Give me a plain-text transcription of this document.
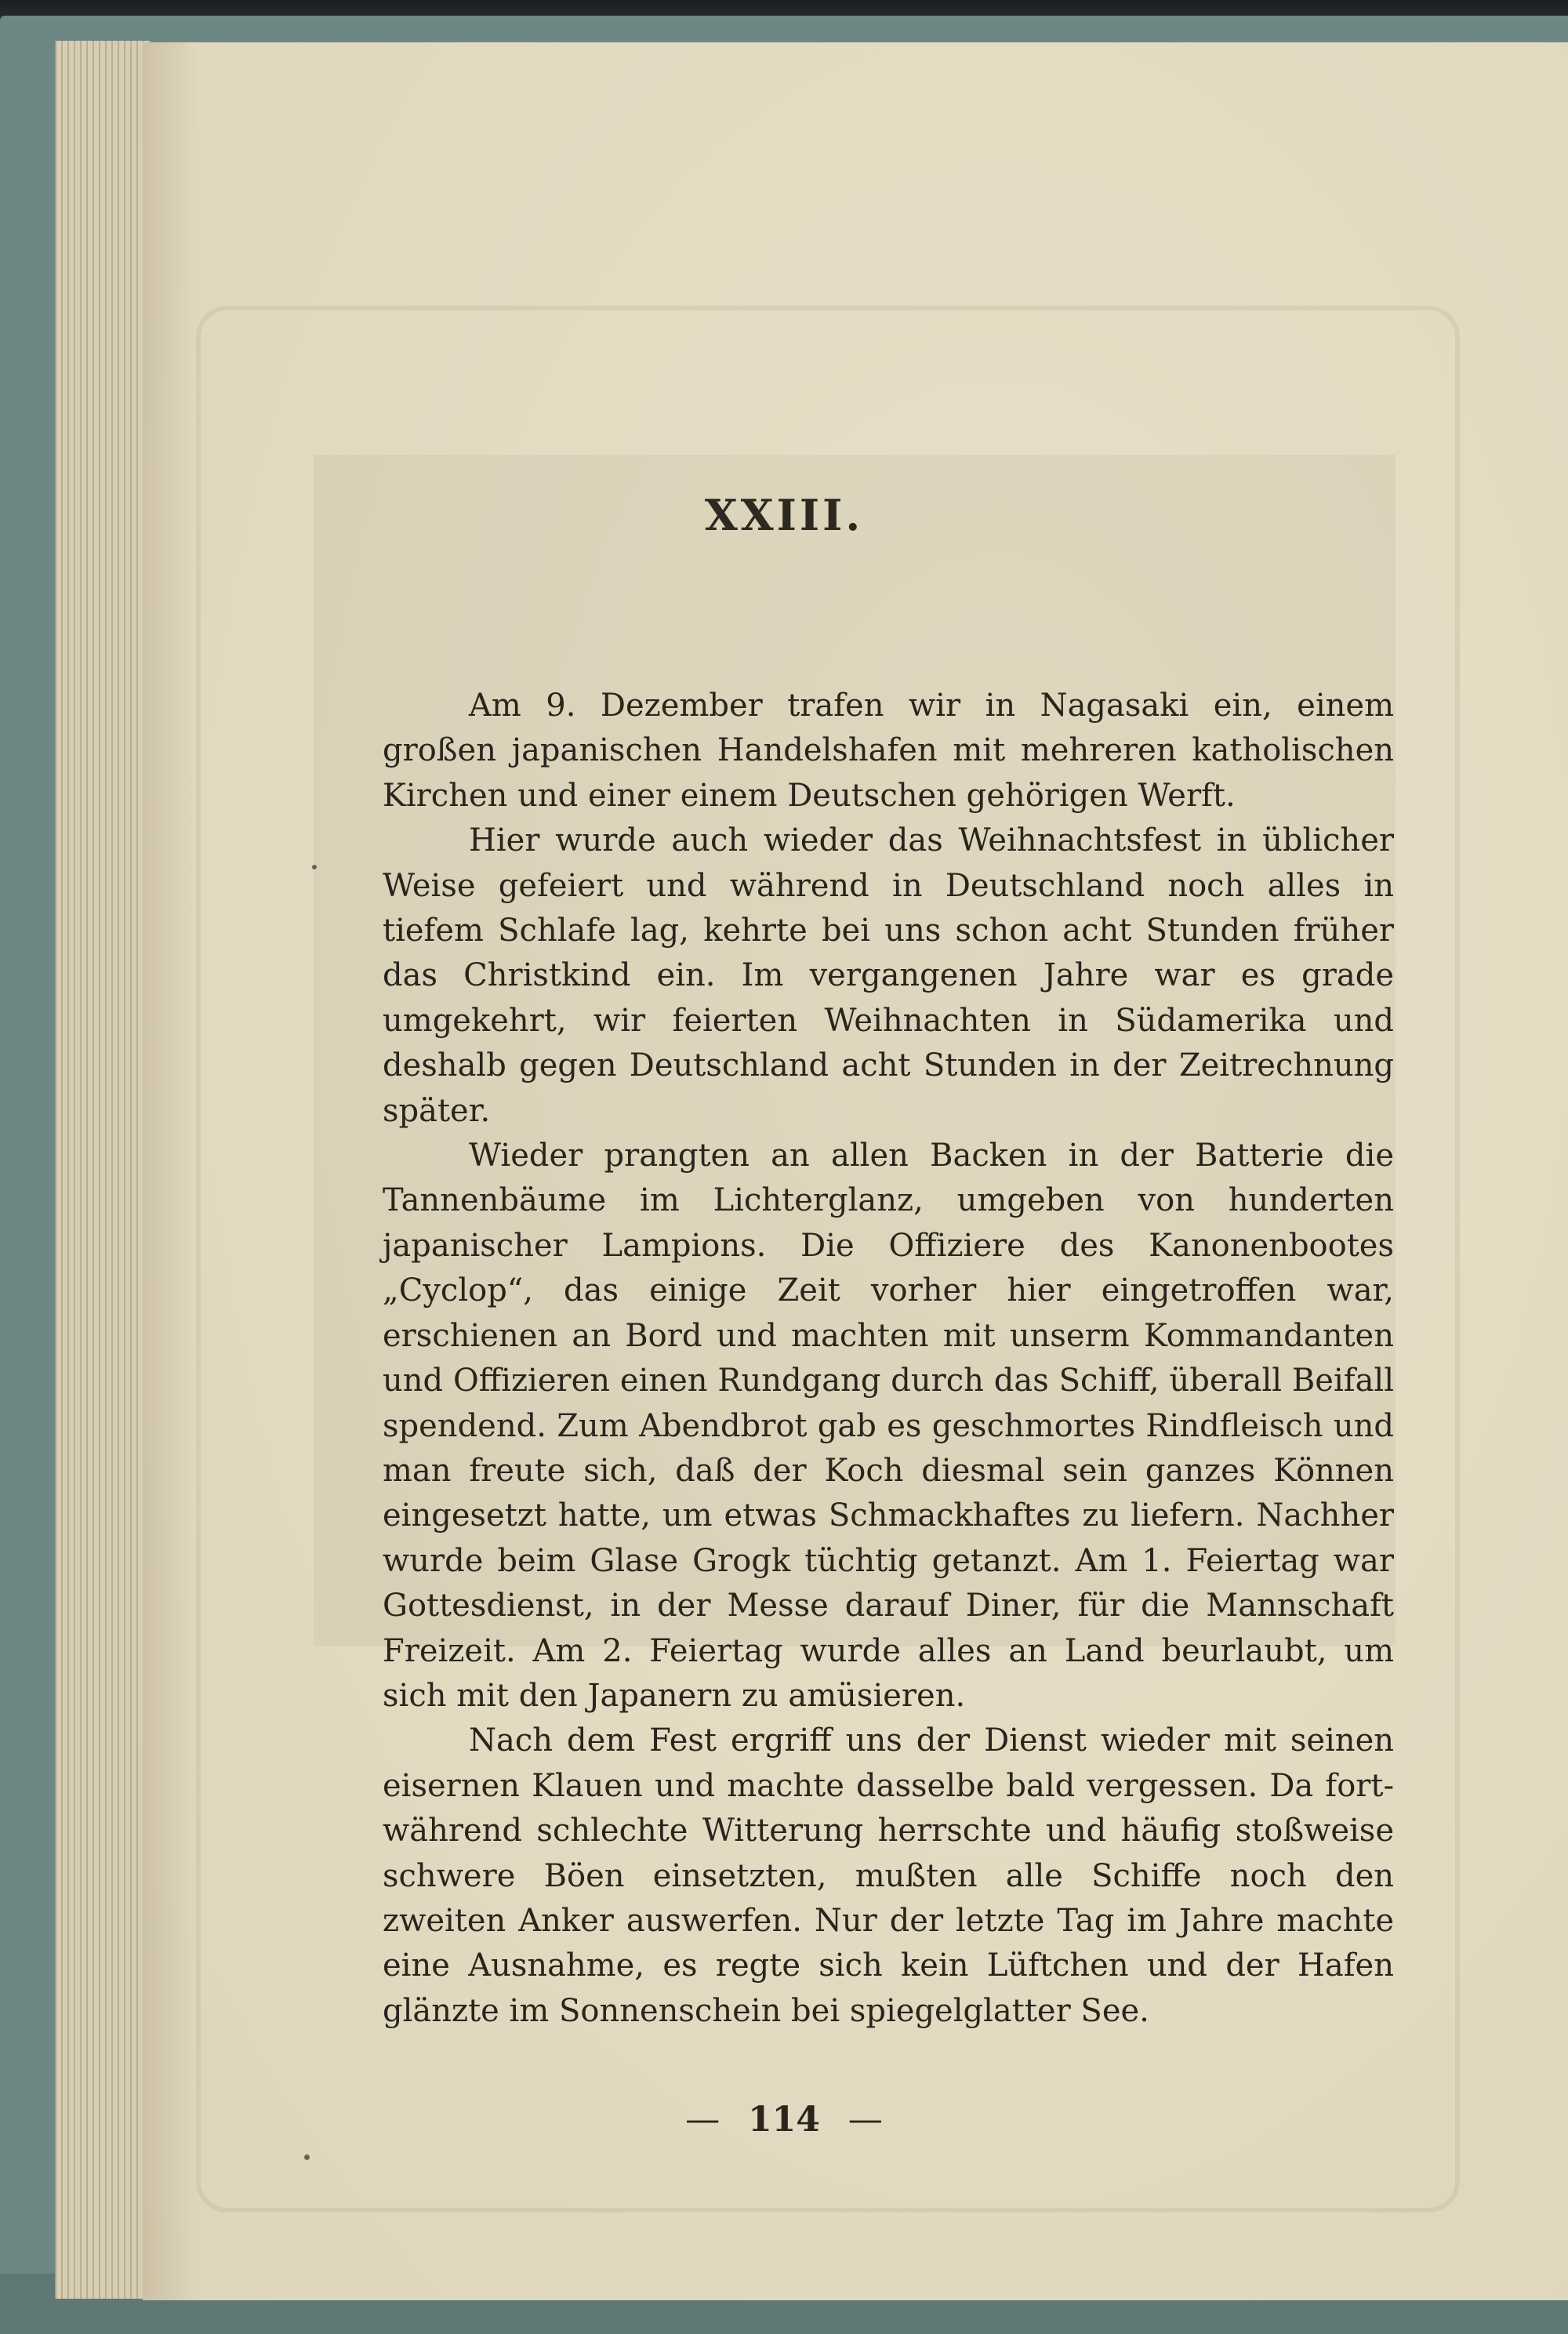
XXIII.

Am 9. Dezember trafen wir in Nagasaki ein, einem großen japanischen Handelshafen mit mehreren katholischen Kirchen und einer einem Deutschen gehörigen Werft.

Hier wurde auch wieder das Weihnachtsfest in üblicher Weise gefeiert und während in Deutschland noch alles in tiefem Schlafe lag, kehrte bei uns schon acht Stunden früher das Christkind ein. Im vergangenen Jahre war es grade umgekehrt, wir feierten Weihnachten in Südamerika und deshalb gegen Deutschland acht Stunden in der Zeitrechnung später.

Wieder prangten an allen Backen in der Batterie die Tannenbäume im Lichterglanz, umgeben von hunderten japanischer Lampions. Die Offiziere des Kanonenbootes „Cyclop“, das einige Zeit vorher hier eingetroffen war, erschienen an Bord und machten mit unserm Kommandanten und Offizieren einen Rundgang durch das Schiff, überall Beifall spendend. Zum Abendbrot gab es geschmortes Rindfleisch und man freute sich, daß der Koch diesmal sein ganzes Können eingesetzt hatte, um etwas Schmackhaftes zu liefern. Nachher wurde beim Glase Grogk tüchtig getanzt. Am 1. Feiertag war Gottesdienst, in der Messe darauf Diner, für die Mannschaft Freizeit. Am 2. Feiertag wurde alles an Land beurlaubt, um sich mit den Japanern zu amüsieren.

Nach dem Fest ergriff uns der Dienst wieder mit seinen eisernen Klauen und machte dasselbe bald vergessen. Da fortwährend schlechte Witterung herrschte und häufig stoßweise schwere Böen einsetzten, mußten alle Schiffe noch den zweiten Anker auswerfen. Nur der letzte Tag im Jahre machte eine Ausnahme, es regte sich kein Lüftchen und der Hafen glänzte im Sonnenschein bei spiegelglatter See.

— 114 —
